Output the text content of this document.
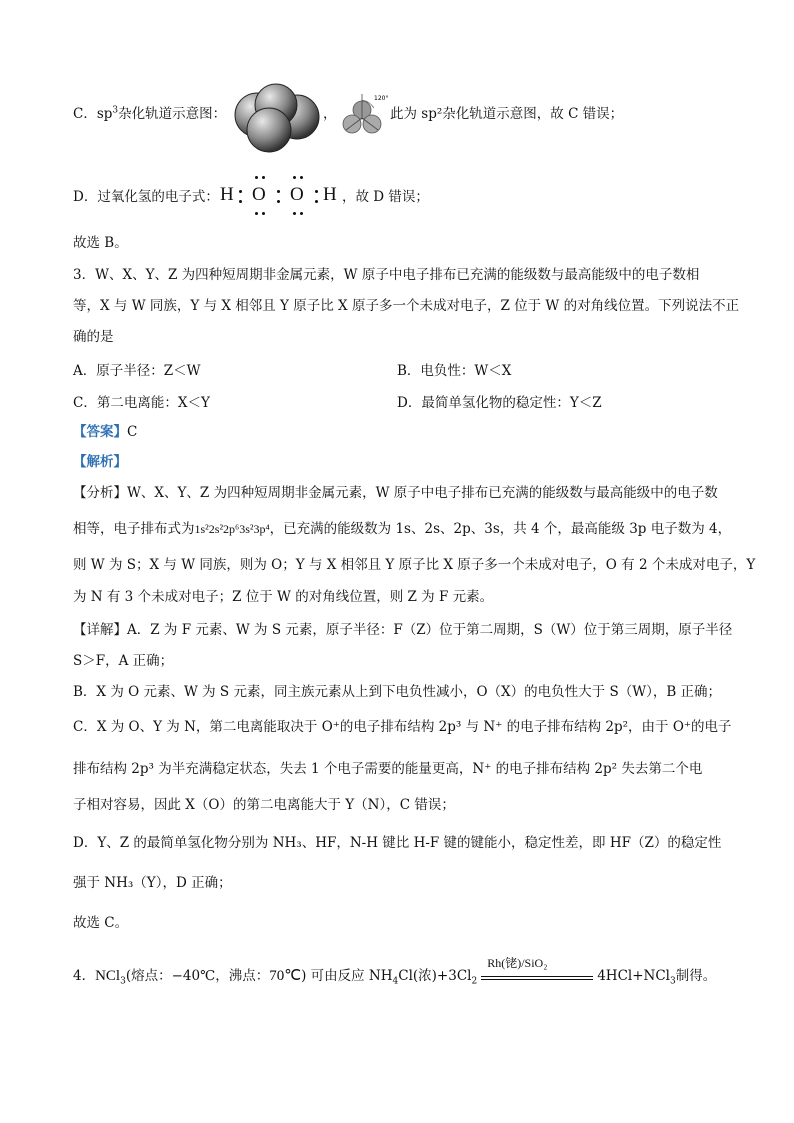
C．$sp^3$杂化轨道示意图：	，
120°
此为 sp²杂化轨道示意图，故 C 错误；
D．过氧化氢的电子式： H O O H ，故 D 错误；
故选 B。
3．W、X、Y、Z 为四种短周期非金属元素，W 原子中电子排布已充满的能级数与最高能级中的电子数相
等，X 与 W 同族，Y 与 X 相邻且 Y 原子比 X 原子多一个未成对电子，Z 位于 W 的对角线位置。下列说法不正
确的是
A．原子半径：Z＜W	B．电负性：W＜X
C．第二电离能：X＜Y	D．最简单氢化物的稳定性：Y＜Z
【答案】C
【解析】
【分析】W、X、Y、Z 为四种短周期非金属元素，W 原子中电子排布已充满的能级数与最高能级中的电子数
相等，电子排布式为1s²2s²2p⁶3s²3p⁴，已充满的能级数为 1s、2s、2p、3s，共 4 个，最高能级 3p 电子数为 4，
则 W 为 S；X 与 W 同族，则为 O；Y 与 X 相邻且 Y 原子比 X 原子多一个未成对电子，O 有 2 个未成对电子，Y
为 N 有 3 个未成对电子；Z 位于 W 的对角线位置，则 Z 为 F 元素。
【详解】A．Z 为 F 元素、W 为 S 元素，原子半径：F（Z）位于第二周期，S（W）位于第三周期，原子半径
S＞F，A 正确；
B．X 为 O 元素、W 为 S 元素，同主族元素从上到下电负性减小，O（X）的电负性大于 S（W），B 正确；
C．X 为 O、Y 为 N，第二电离能取决于 O⁺的电子排布结构 2p³ 与 N⁺ 的电子排布结构 2p²，由于 O⁺的电子
排布结构 2p³ 为半充满稳定状态，失去 1 个电子需要的能量更高，N⁺ 的电子排布结构 2p² 失去第二个电
子相对容易，因此 X（O）的第二电离能大于 Y（N），C 错误；
D．Y、Z 的最简单氢化物分别为 NH₃、HF，N-H 键比 H-F 键的键能小，稳定性差，即 HF（Z）的稳定性
强于 NH₃（Y），D 正确；
故选 C。
4．NCl$_3$(熔点：−40℃，沸点：70℃) 可由反应 $NH_4Cl$(浓)$+3Cl_2$
Rh(铑)/SiO₂
4HCl+NCl$_3$制得。
